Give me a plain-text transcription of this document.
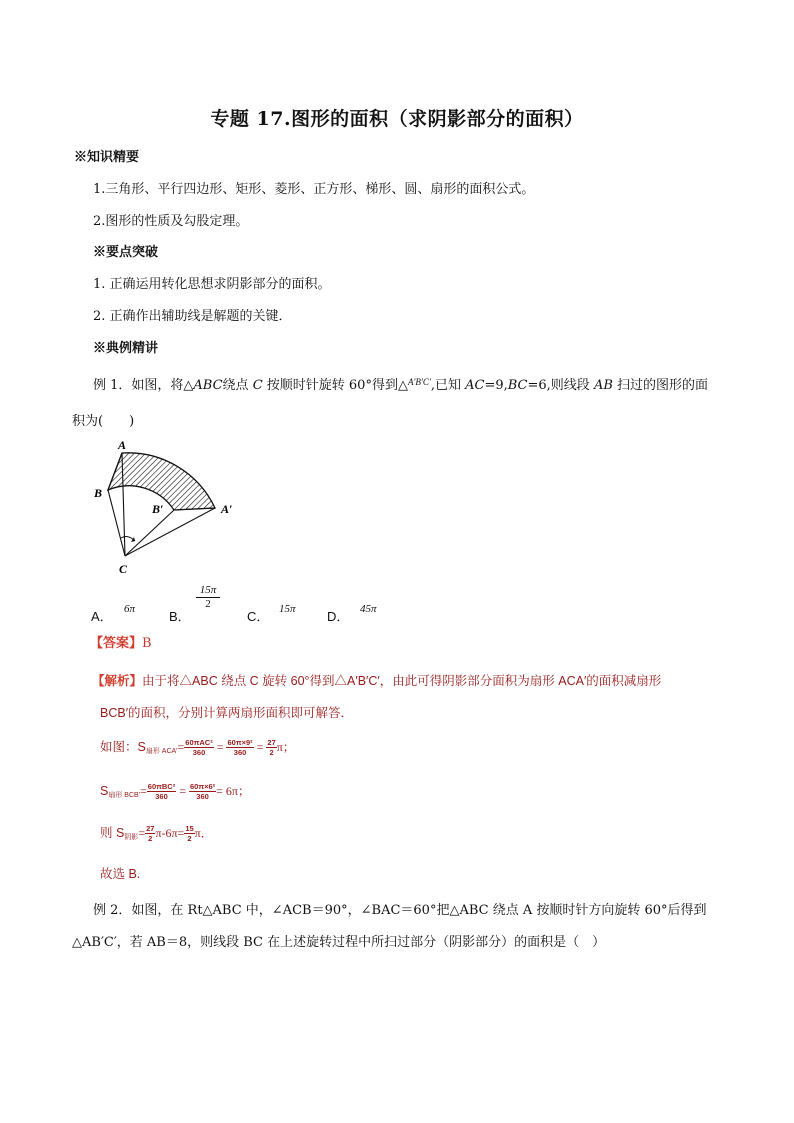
专题 17.图形的面积（求阴影部分的面积）
※知识精要
1.三角形、平行四边形、矩形、菱形、正方形、梯形、圆、扇形的面积公式。
2.图形的性质及勾股定理。
※要点突破
1. 正确运用转化思想求阴影部分的面积。
2. 正确作出辅助线是解题的关键．
※典例精讲
例 1．如图，将△ABC绕点 C 按顺时针旋转 60°得到△$^{A'B'C'}$,已知 AC=9,BC=6,则线段 AB 扫过的图形的面
积为(　　)
A
B
B′	A′
C
A． 6π	B．
15π
2
C． 15π D． 45π
【答案】B
【解析】由于将△ABC 绕点 C 旋转 60°得到△A′B′C′，由此可得阴影部分面积为扇形 ACA′的面积减扇形
BCB′的面积，分别计算两扇形面积即可解答．
如图：$S_{扇形 ACA'}= \frac{\text{60πAC²}}{360} = \frac{\text{60π×9²}}{360} = \frac{27}{2}$ π；
$S_{扇形 BCB'}= \frac{\text{60πBC²}}{360} = \frac{\text{60π×6²}}{360} = 6\pi$；
则 $S_{阴影}= \frac{27}{2} \pi-6\pi= \frac{15}{2}$ π．
故选 B.
例 2．如图，在 Rt△ABC 中，∠ACB＝90°，∠BAC＝60°把△ABC 绕点 A 按顺时针方向旋转 60°后得到
△AB′C′，若 AB＝8，则线段 BC 在上述旋转过程中所扫过部分（阴影部分）的面积是（　）
